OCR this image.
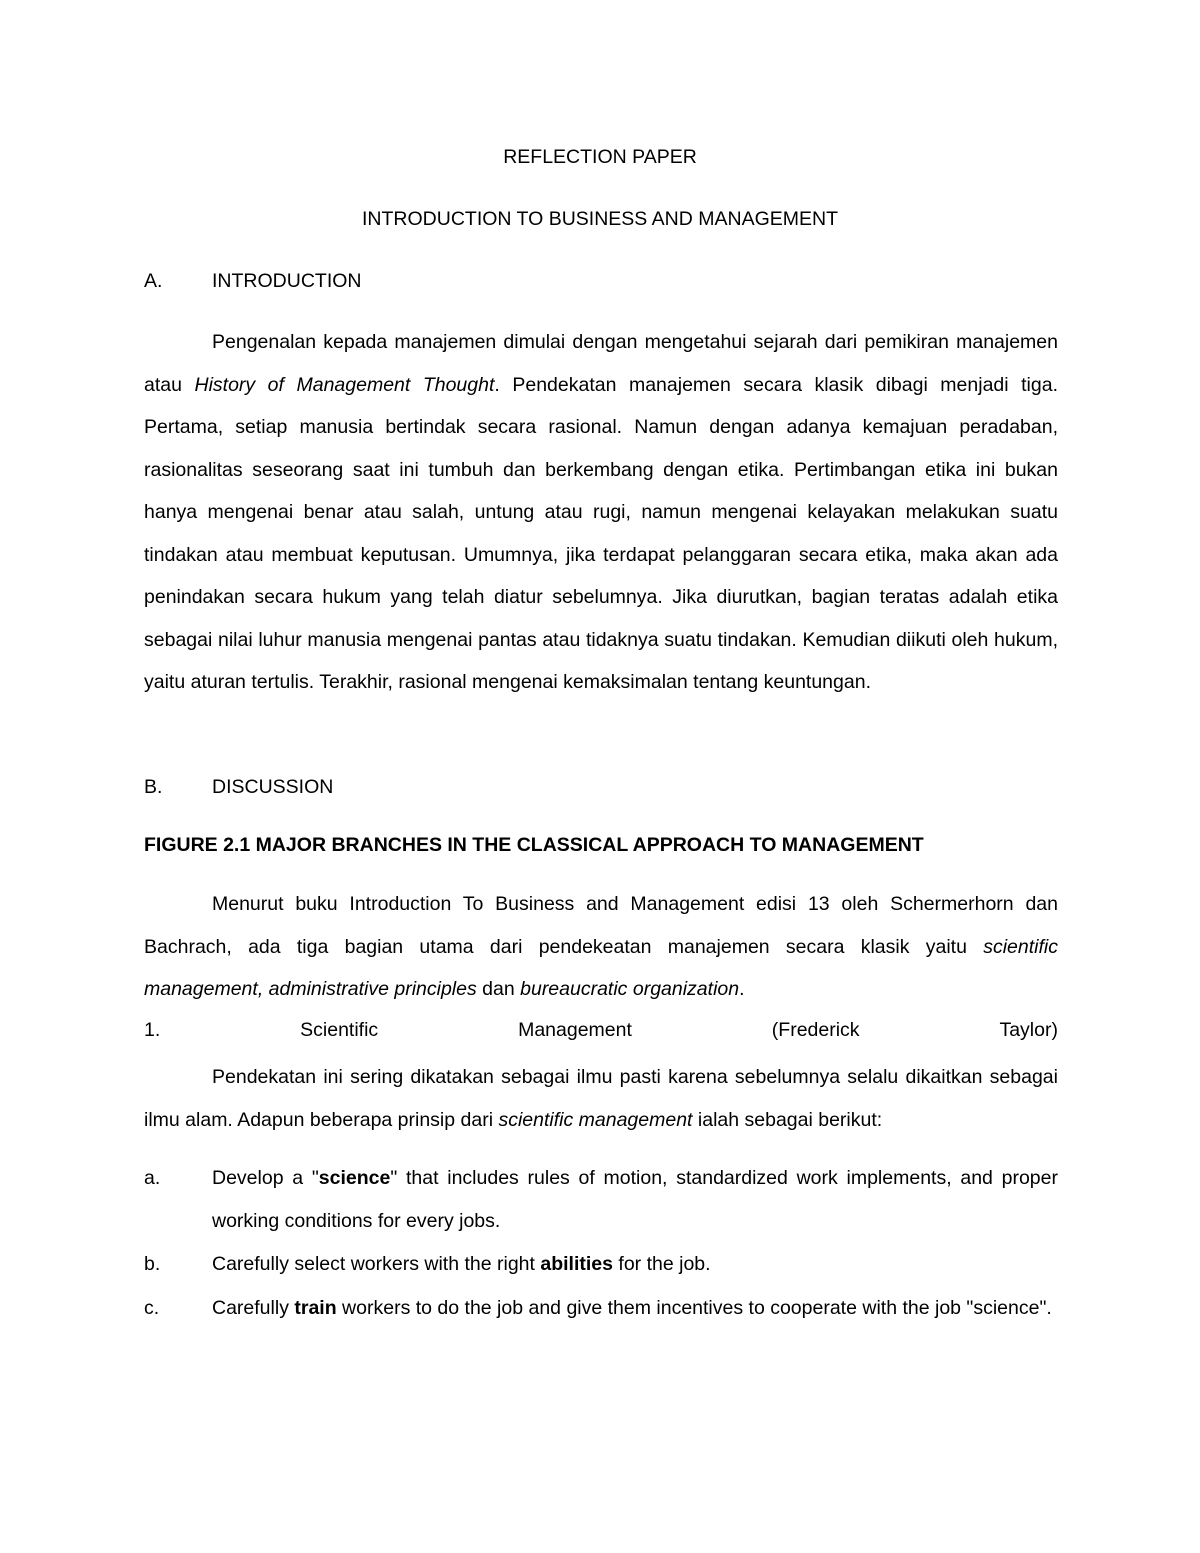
REFLECTION PAPER
INTRODUCTION TO BUSINESS AND MANAGEMENT
A.	INTRODUCTION

Pengenalan kepada manajemen dimulai dengan mengetahui sejarah dari pemikiran manajemen atau History of Management Thought. Pendekatan manajemen secara klasik dibagi menjadi tiga. Pertama, setiap manusia bertindak secara rasional. Namun dengan adanya kemajuan peradaban, rasionalitas seseorang saat ini tumbuh dan berkembang dengan etika. Pertimbangan etika ini bukan hanya mengenai benar atau salah, untung atau rugi, namun mengenai kelayakan melakukan suatu tindakan atau membuat keputusan. Umumnya, jika terdapat pelanggaran secara etika, maka akan ada penindakan secara hukum yang telah diatur sebelumnya. Jika diurutkan, bagian teratas adalah etika sebagai nilai luhur manusia mengenai pantas atau tidaknya suatu tindakan. Kemudian diikuti oleh hukum, yaitu aturan tertulis. Terakhir, rasional mengenai kemaksimalan tentang keuntungan.

B.	DISCUSSION
FIGURE 2.1 MAJOR BRANCHES IN THE CLASSICAL APPROACH TO MANAGEMENT

Menurut buku Introduction To Business and Management edisi 13 oleh Schermerhorn dan Bachrach, ada tiga bagian utama dari pendekeatan manajemen secara klasik yaitu scientific management, administrative principles dan bureaucratic organization.

1.	Scientific	Management	(Frederick	Taylor)

Pendekatan ini sering dikatakan sebagai ilmu pasti karena sebelumnya selalu dikaitkan sebagai ilmu alam. Adapun beberapa prinsip dari scientific management ialah sebagai berikut:

a.	Develop a "science" that includes rules of motion, standardized work implements, and proper working conditions for every jobs.
b.	Carefully select workers with the right abilities for the job.
c.	Carefully train workers to do the job and give them incentives to cooperate with the job "science".
